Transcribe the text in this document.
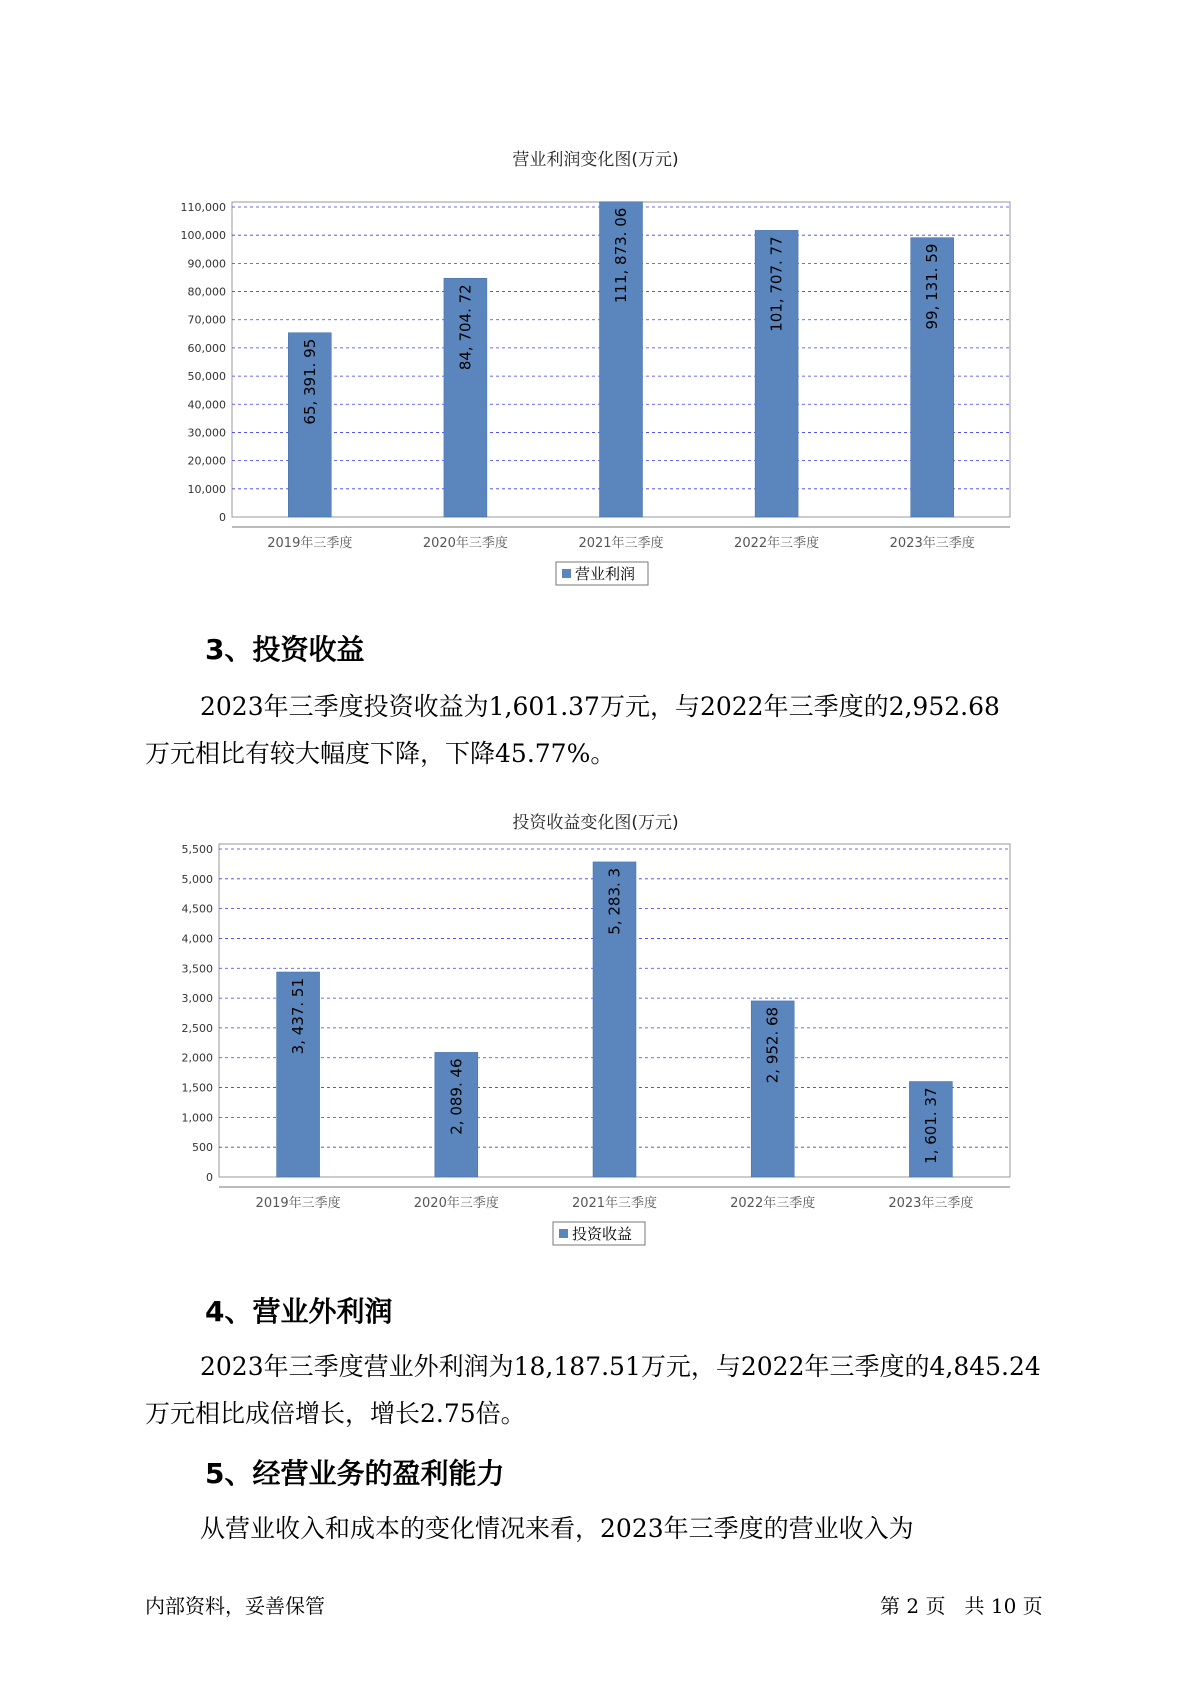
营业利润变化图(万元)
0
10,000
20,000
30,000
40,000
50,000
60,000
70,000
80,000
90,000
100,000
110,000
65, 391. 95
2019年三季度
84, 704. 72
2020年三季度
111, 873. 06
2021年三季度
101, 707. 77
2022年三季度
99, 131. 59
2023年三季度
营业利润
3、投资收益

2023年三季度投资收益为1,601.37万元，与2022年三季度的2,952.68
万元相比有较大幅度下降，下降45.77%。

投资收益变化图(万元)
0
500
1,000
1,500
2,000
2,500
3,000
3,500
4,000
4,500
5,000
5,500
3, 437. 51
2019年三季度
2, 089. 46
2020年三季度
5, 283. 3
2021年三季度
2, 952. 68
2022年三季度
1, 601. 37
2023年三季度
投资收益
4、营业外利润

2023年三季度营业外利润为18,187.51万元，与2022年三季度的4,845.24
万元相比成倍增长，增长2.75倍。

5、经营业务的盈利能力

从营业收入和成本的变化情况来看，2023年三季度的营业收入为

内部资料，妥善保管	第 2 页   共 10 页
